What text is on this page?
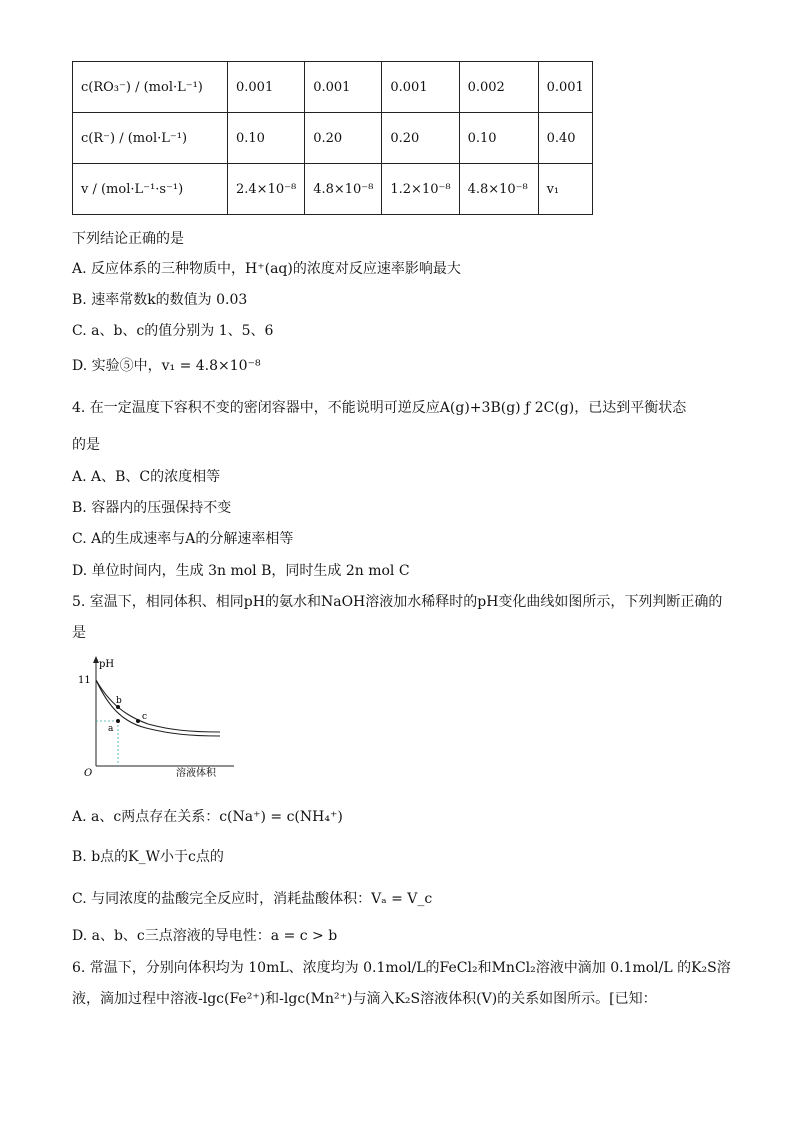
c(RO₃⁻) / (mol·L⁻¹)	0.001	0.001	0.001	0.002	0.001
c(R⁻) / (mol·L⁻¹)	0.10	0.20	0.20	0.10	0.40
v / (mol·L⁻¹·s⁻¹)	2.4×10⁻⁸	4.8×10⁻⁸	1.2×10⁻⁸	4.8×10⁻⁸	v₁
下列结论正确的是
A. 反应体系的三种物质中，H⁺(aq)的浓度对反应速率影响最大
B. 速率常数k的数值为 0.03
C. a、b、c的值分别为 1、5、6
D. 实验⑤中，v₁ = 4.8×10⁻⁸
4. 在一定温度下容积不变的密闭容器中，不能说明可逆反应A(g)+3B(g) ƒ 2C(g)，已达到平衡状态
的是
A. A、B、C的浓度相等
B. 容器内的压强保持不变
C. A的生成速率与A的分解速率相等
D. 单位时间内，生成 3n mol B，同时生成 2n mol C
5. 室温下，相同体积、相同pH的氨水和NaOH溶液加水稀释时的pH变化曲线如图所示，下列判断正确的
是
pH
11
b
a
c
O	溶液体积
A. a、c两点存在关系：c(Na⁺) = c(NH₄⁺)
B. b点的K_W小于c点的
C. 与同浓度的盐酸完全反应时，消耗盐酸体积：Vₐ = V_c
D. a、b、c三点溶液的导电性：a = c > b
6. 常温下，分别向体积均为 10mL、浓度均为 0.1mol/L的FeCl₂和MnCl₂溶液中滴加 0.1mol/L 的K₂S溶
液，滴加过程中溶液-lgc(Fe²⁺)和-lgc(Mn²⁺)与滴入K₂S溶液体积(V)的关系如图所示。[已知：
